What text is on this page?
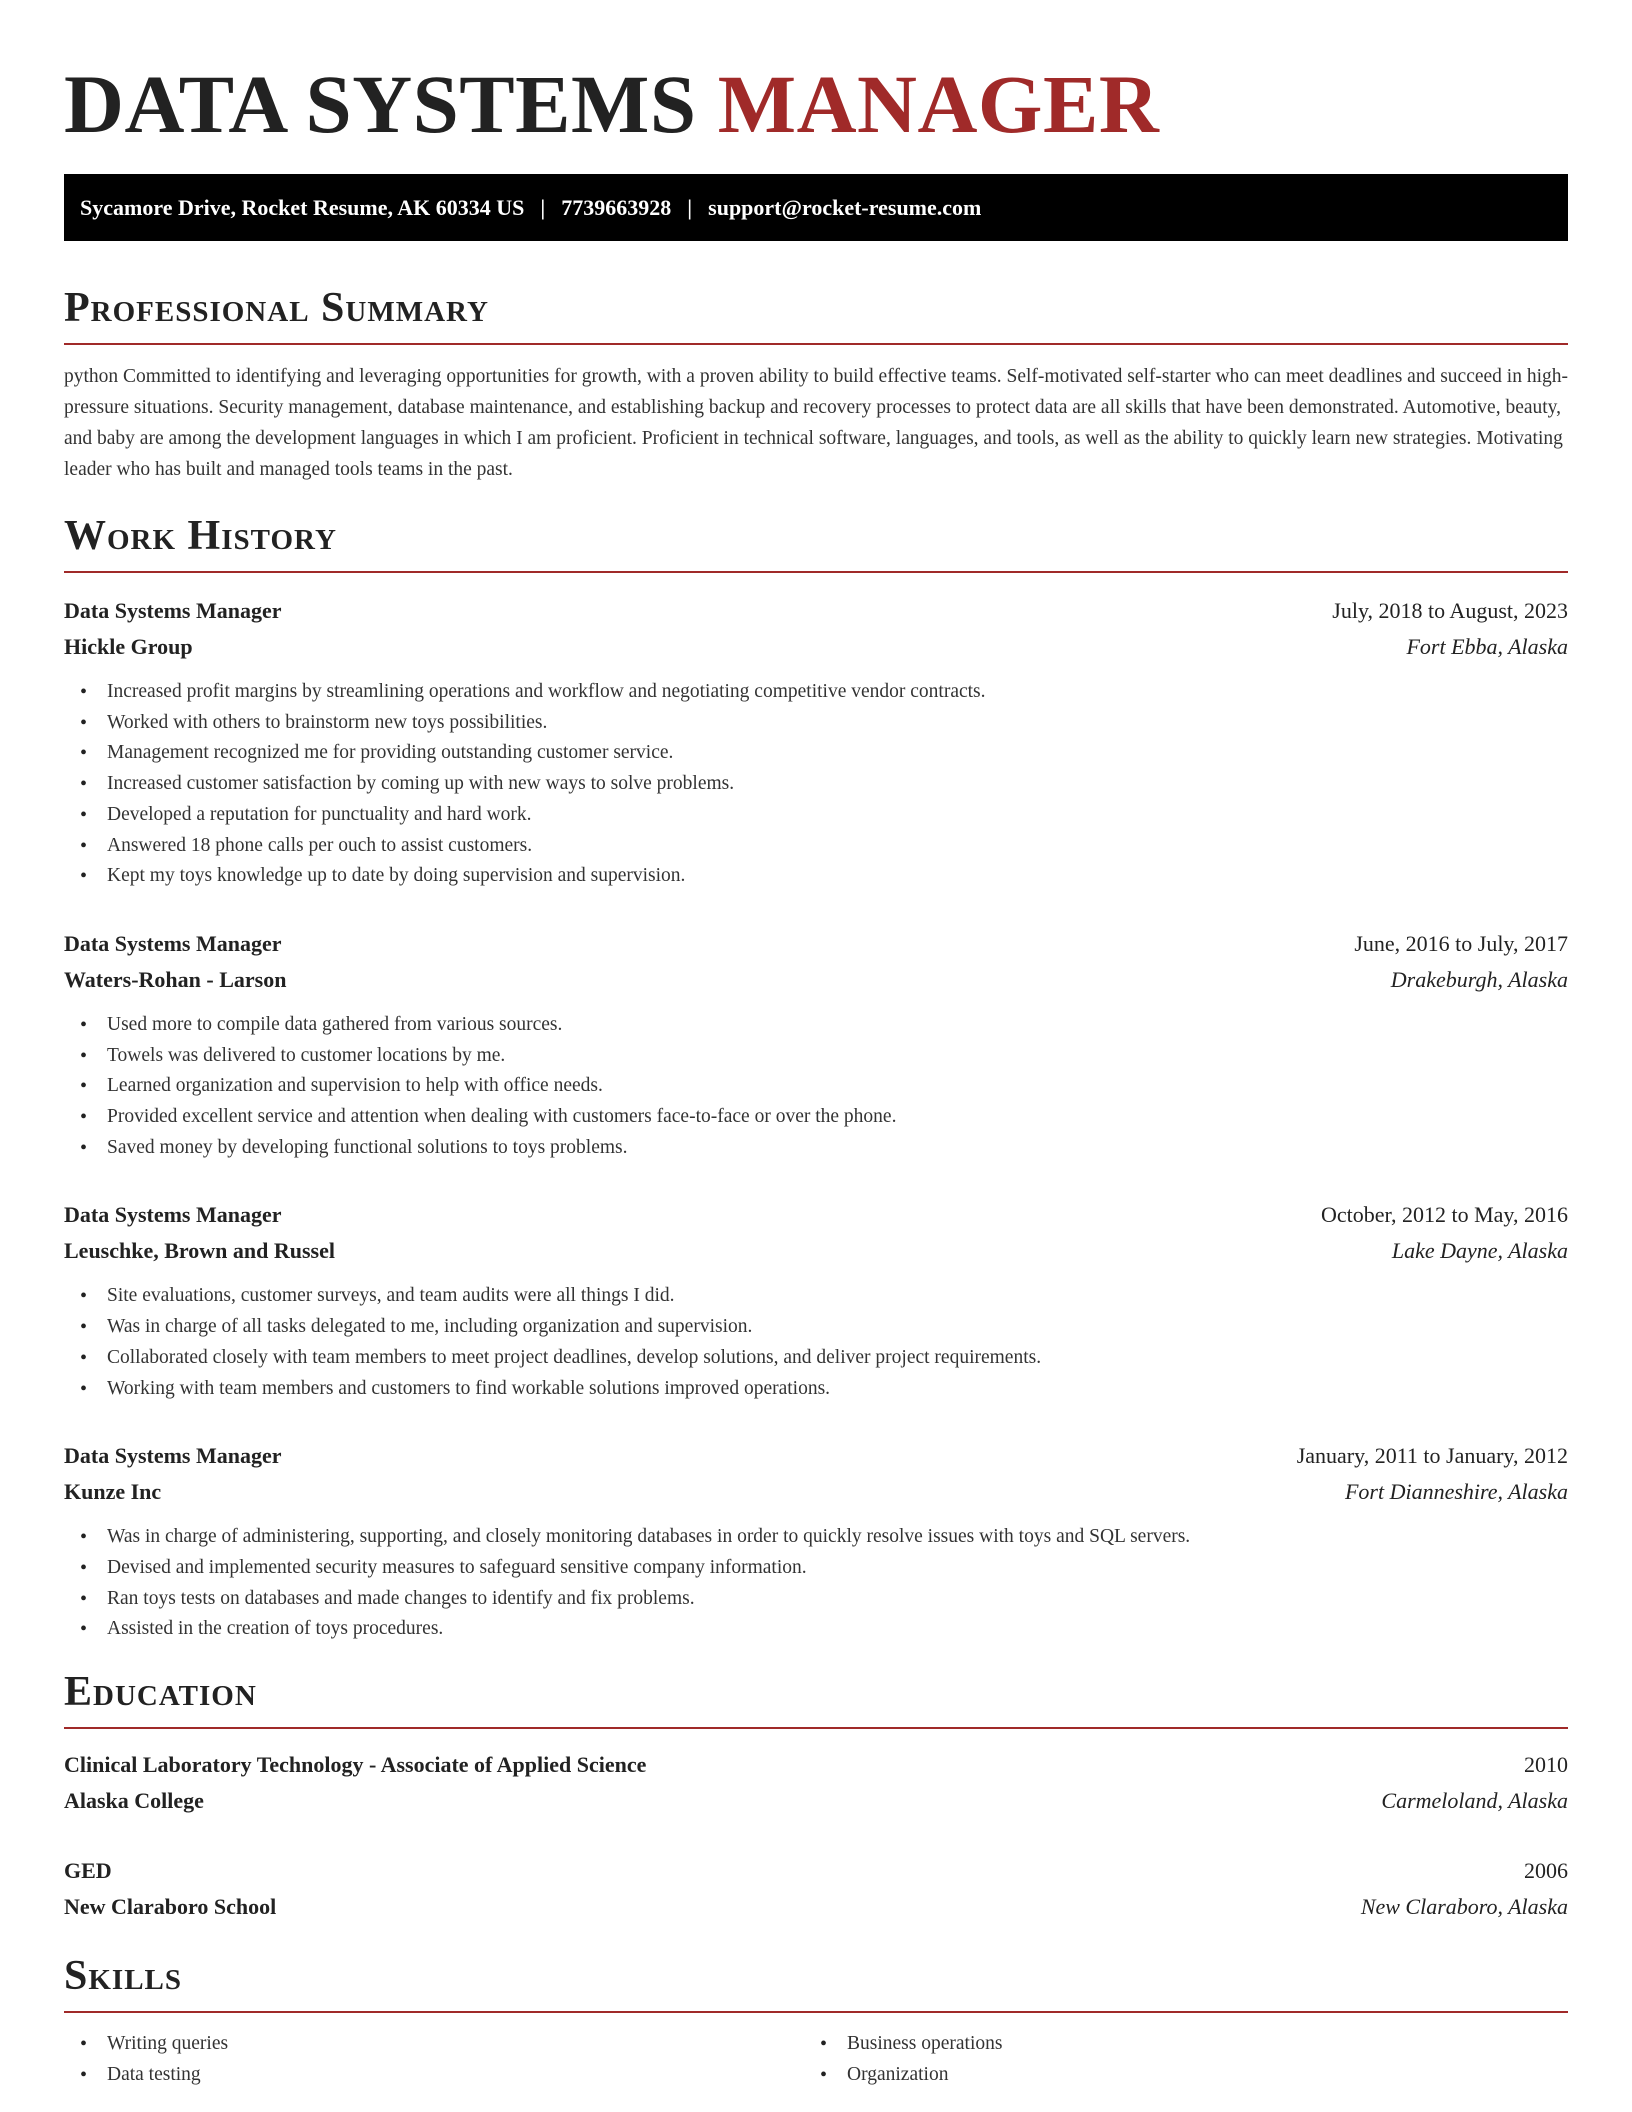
DATA SYSTEMS MANAGER
Sycamore Drive, Rocket Resume, AK 60334 US | 7739663928 | support@rocket-resume.com
Professional Summary

python Committed to identifying and leveraging opportunities for growth, with a proven ability to build effective teams. Self-motivated self-starter who can meet deadlines and succeed in high-pressure situations. Security management, database maintenance, and establishing backup and recovery processes to protect data are all skills that have been demonstrated. Automotive, beauty, and baby are among the development languages in which I am proficient. Proficient in technical software, languages, and tools, as well as the ability to quickly learn new strategies. Motivating leader who has built and managed tools teams in the past.

Work History
Data Systems Manager	July, 2018 to August, 2023
Hickle Group	Fort Ebba, Alaska
• Increased profit margins by streamlining operations and workflow and negotiating competitive vendor contracts.
• Worked with others to brainstorm new toys possibilities.
• Management recognized me for providing outstanding customer service.
• Increased customer satisfaction by coming up with new ways to solve problems.
• Developed a reputation for punctuality and hard work.
• Answered 18 phone calls per ouch to assist customers.
• Kept my toys knowledge up to date by doing supervision and supervision.
Data Systems Manager	June, 2016 to July, 2017
Waters-Rohan - Larson	Drakeburgh, Alaska
• Used more to compile data gathered from various sources.
• Towels was delivered to customer locations by me.
• Learned organization and supervision to help with office needs.
• Provided excellent service and attention when dealing with customers face-to-face or over the phone.
• Saved money by developing functional solutions to toys problems.
Data Systems Manager	October, 2012 to May, 2016
Leuschke, Brown and Russel	Lake Dayne, Alaska
• Site evaluations, customer surveys, and team audits were all things I did.
• Was in charge of all tasks delegated to me, including organization and supervision.
• Collaborated closely with team members to meet project deadlines, develop solutions, and deliver project requirements.
• Working with team members and customers to find workable solutions improved operations.
Data Systems Manager	January, 2011 to January, 2012
Kunze Inc	Fort Dianneshire, Alaska
• Was in charge of administering, supporting, and closely monitoring databases in order to quickly resolve issues with toys and SQL servers.
• Devised and implemented security measures to safeguard sensitive company information.
• Ran toys tests on databases and made changes to identify and fix problems.
• Assisted in the creation of toys procedures.
Education
Clinical Laboratory Technology - Associate of Applied Science	2010
Alaska College	Carmeloland, Alaska
GED	2006
New Claraboro School	New Claraboro, Alaska
Skills
• Writing queries
• Data testing
• Business operations
• Organization
